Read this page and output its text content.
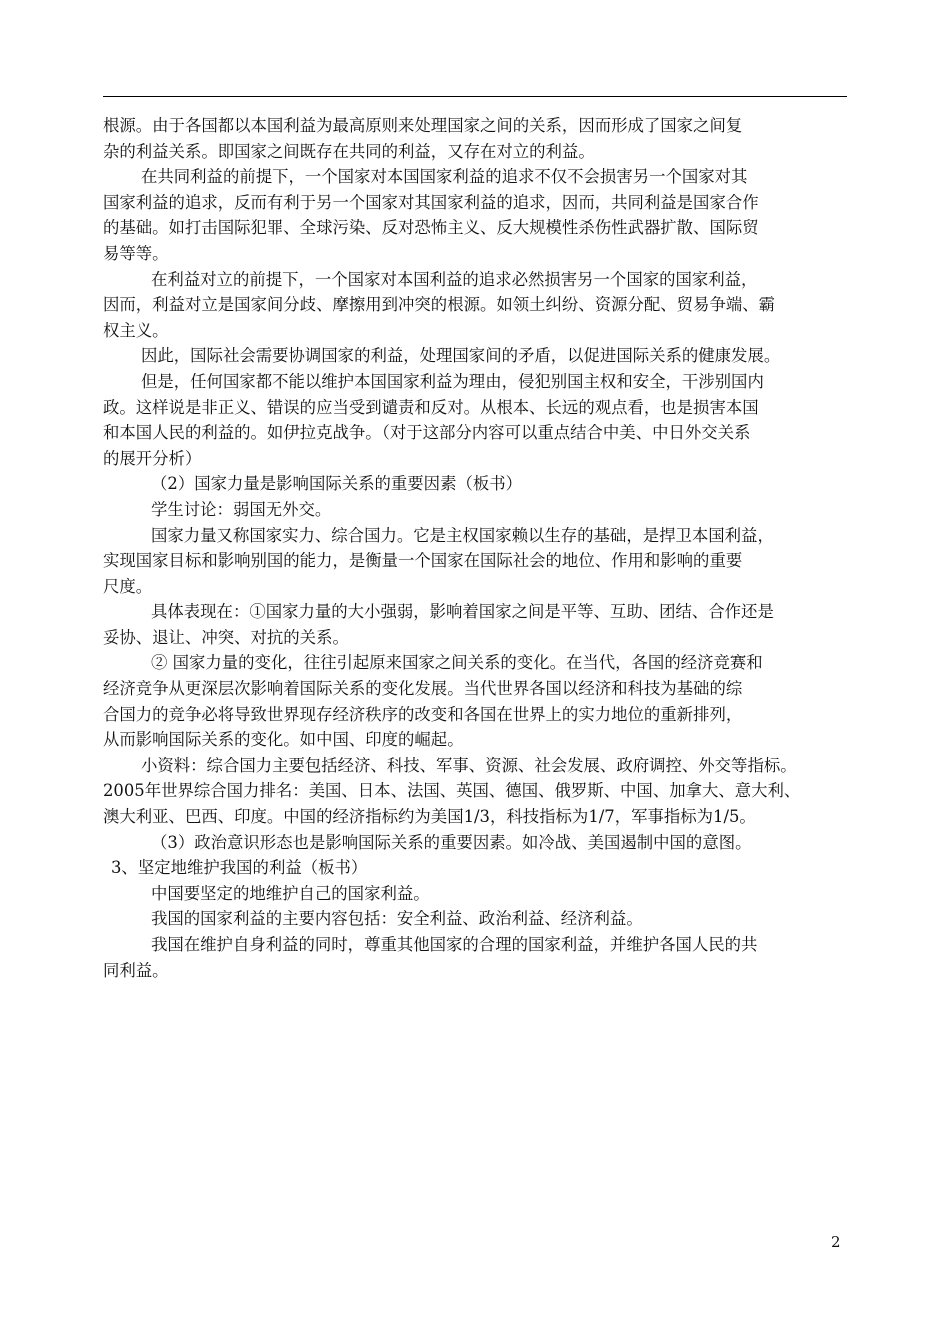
根源。由于各国都以本国利益为最高原则来处理国家之间的关系，因而形成了国家之间复
杂的利益关系。即国家之间既存在共同的利益，又存在对立的利益。
在共同利益的前提下，一个国家对本国国家利益的追求不仅不会损害另一个国家对其
国家利益的追求，反而有利于另一个国家对其国家利益的追求，因而，共同利益是国家合作
的基础。如打击国际犯罪、全球污染、反对恐怖主义、反大规模性杀伤性武器扩散、国际贸
易等等。
在利益对立的前提下，一个国家对本国利益的追求必然损害另一个国家的国家利益，
因而，利益对立是国家间分歧、摩擦用到冲突的根源。如领土纠纷、资源分配、贸易争端、霸
权主义。
因此，国际社会需要协调国家的利益，处理国家间的矛盾，以促进国际关系的健康发展。
但是，任何国家都不能以维护本国国家利益为理由，侵犯别国主权和安全，干涉别国内
政。这样说是非正义、错误的应当受到谴责和反对。从根本、长远的观点看，也是损害本国
和本国人民的利益的。如伊拉克战争。（对于这部分内容可以重点结合中美、中日外交关系
的展开分析）
（2）国家力量是影响国际关系的重要因素（板书）
学生讨论：弱国无外交。
国家力量又称国家实力、综合国力。它是主权国家赖以生存的基础，是捍卫本国利益，
实现国家目标和影响别国的能力，是衡量一个国家在国际社会的地位、作用和影响的重要
尺度。
具体表现在：①国家力量的大小强弱，影响着国家之间是平等、互助、团结、合作还是
妥协、退让、冲突、对抗的关系。
② 国家力量的变化，往往引起原来国家之间关系的变化。在当代，各国的经济竞赛和
经济竞争从更深层次影响着国际关系的变化发展。当代世界各国以经济和科技为基础的综
合国力的竞争必将导致世界现存经济秩序的改变和各国在世界上的实力地位的重新排列，
从而影响国际关系的变化。如中国、印度的崛起。
小资料：综合国力主要包括经济、科技、军事、资源、社会发展、政府调控、外交等指标。
2005年世界综合国力排名：美国、日本、法国、英国、德国、俄罗斯、中国、加拿大、意大利、
澳大利亚、巴西、印度。中国的经济指标约为美国1/3，科技指标为1/7，军事指标为1/5。
（3）政治意识形态也是影响国际关系的重要因素。如冷战、美国遏制中国的意图。
3、坚定地维护我国的利益（板书）
中国要坚定的地维护自己的国家利益。
我国的国家利益的主要内容包括：安全利益、政治利益、经济利益。
我国在维护自身利益的同时，尊重其他国家的合理的国家利益，并维护各国人民的共
同利益。
2
